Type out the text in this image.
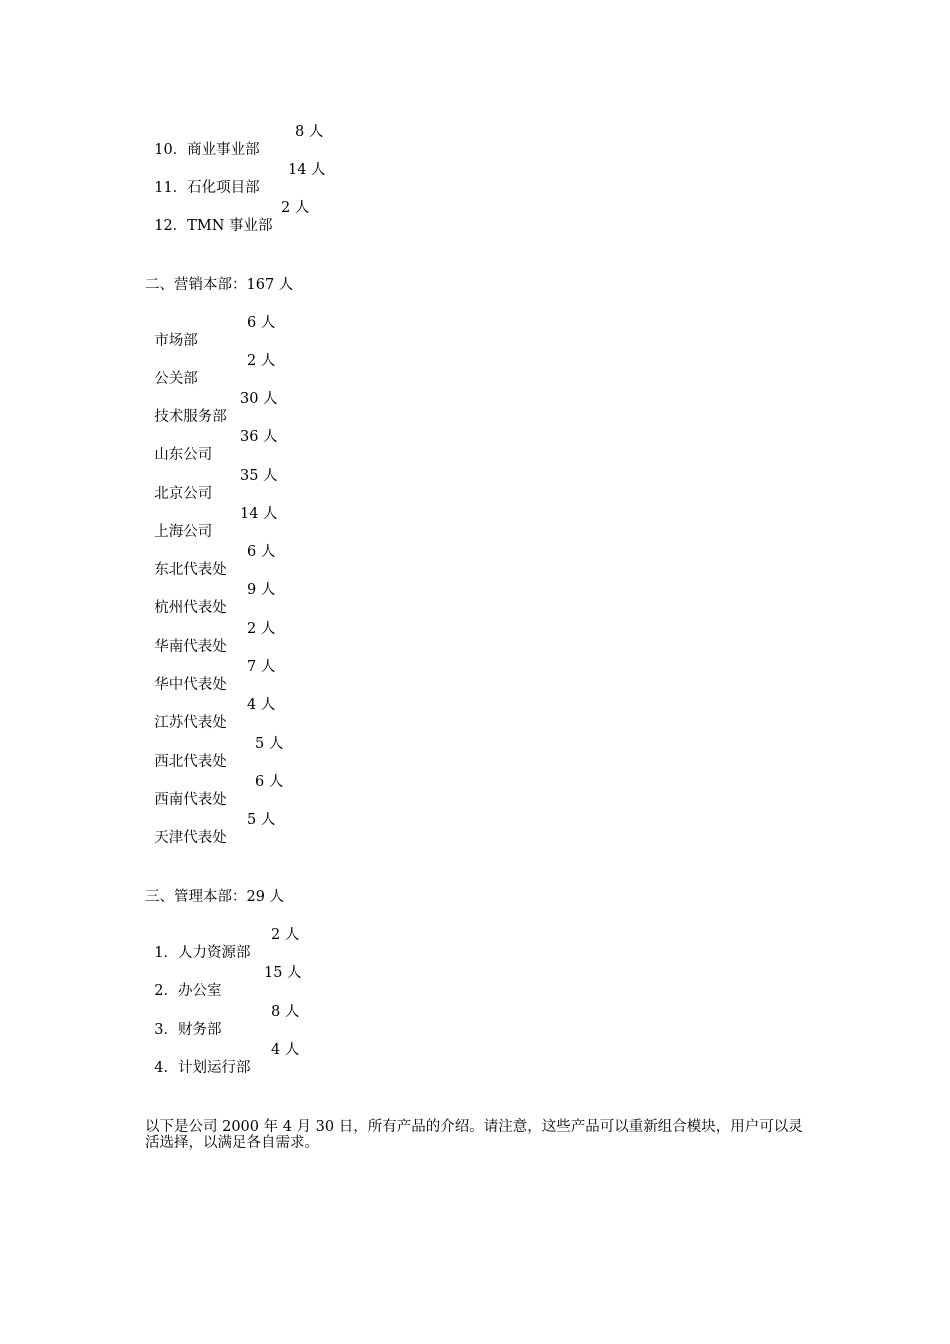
10．商业事业部

8 人

11．石化项目部

14 人

12．TMN 事业部

2 人

二、营销本部：167 人

市场部

6 人

公关部

2 人

技术服务部

30 人

山东公司

36 人

北京公司

35 人

上海公司

14 人

东北代表处

6 人

杭州代表处

9 人

华南代表处

2 人

华中代表处

7 人

江苏代表处

4 人

西北代表处

5 人

西南代表处

6 人

天津代表处

5 人

三、管理本部：29 人

1．人力资源部

2 人

2．办公室

15 人

3．财务部

8 人

4．计划运行部

4 人

以下是公司 2000 年 4 月 30 日，所有产品的介绍。请注意，这些产品可以重新组合模块，用户可以灵活选择，以满足各自需求。
